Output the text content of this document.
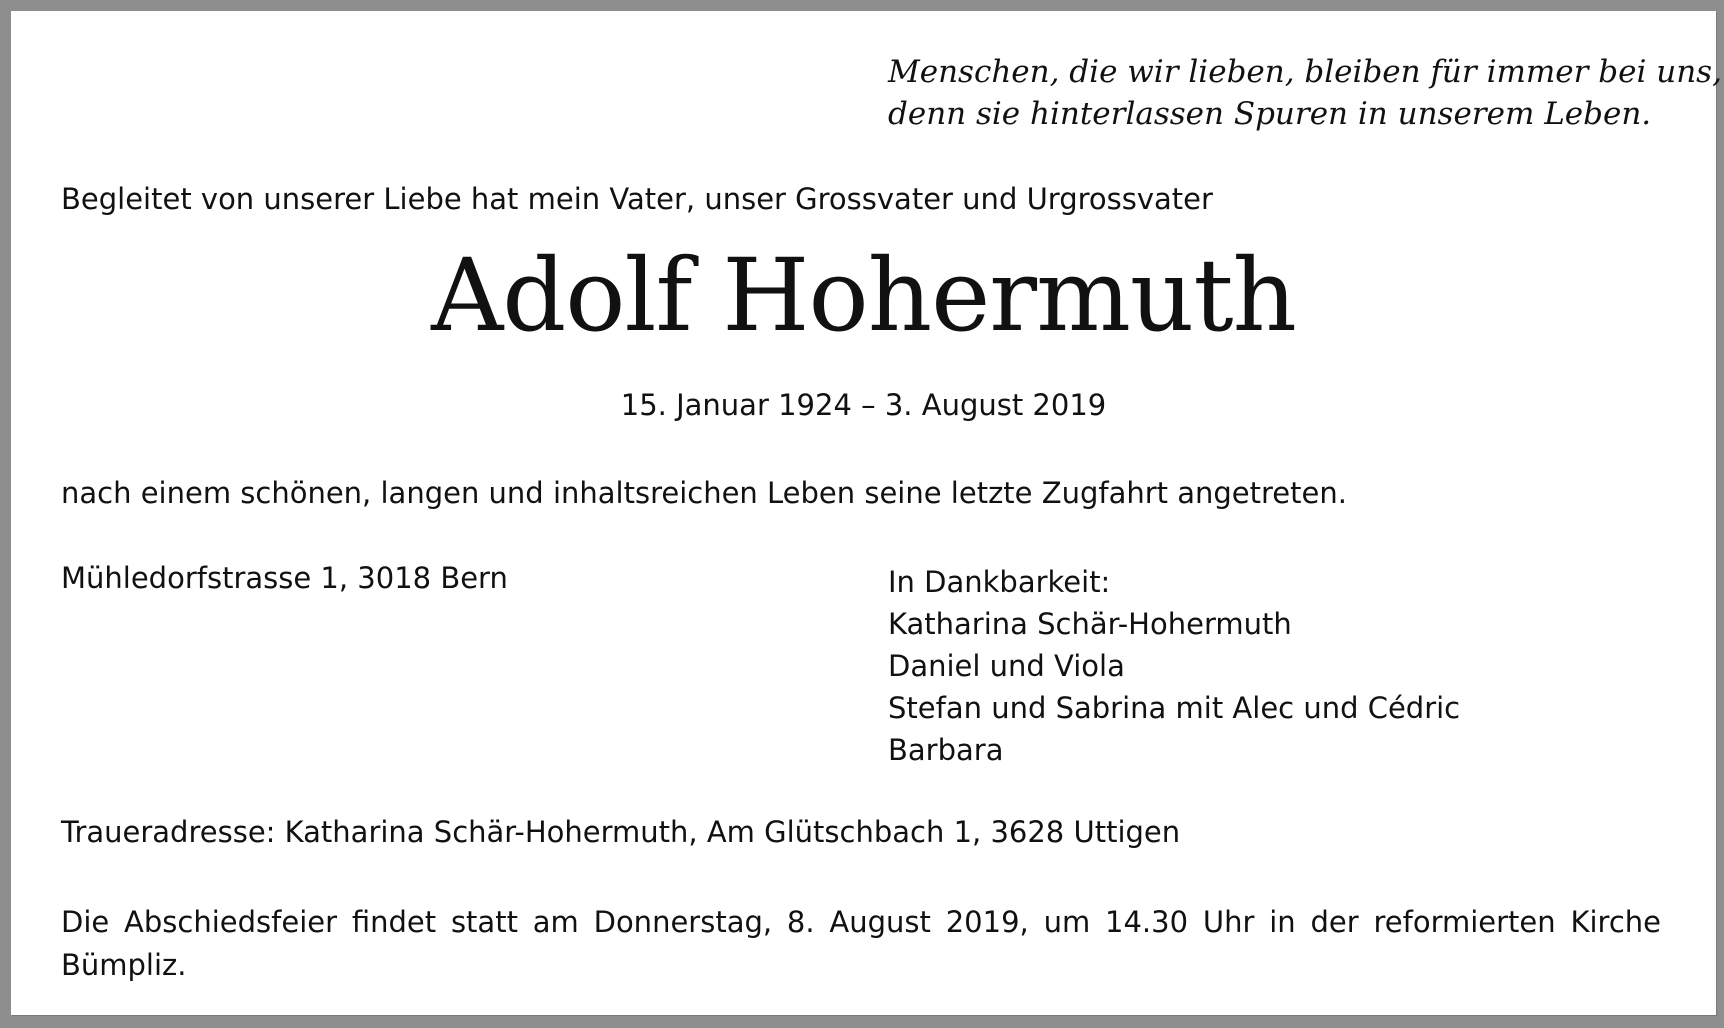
Menschen, die wir lieben, bleiben für immer bei uns,
denn sie hinterlassen Spuren in unserem Leben.

Begleitet von unserer Liebe hat mein Vater, unser Grossvater und Urgrossvater

Adolf Hohermuth

15. Januar 1924 – 3. August 2019

nach einem schönen, langen und inhaltsreichen Leben seine letzte Zugfahrt angetreten.

Mühledorfstrasse 1, 3018 Bern	In Dankbarkeit:
Katharina Schär-Hohermuth
Daniel und Viola
Stefan und Sabrina mit Alec und Cédric
Barbara

Traueradresse: Katharina Schär-Hohermuth, Am Glütschbach 1, 3628 Uttigen

Die Abschiedsfeier findet statt am Donnerstag, 8. August 2019, um 14.30 Uhr in der reformierten Kirche Bümpliz.
